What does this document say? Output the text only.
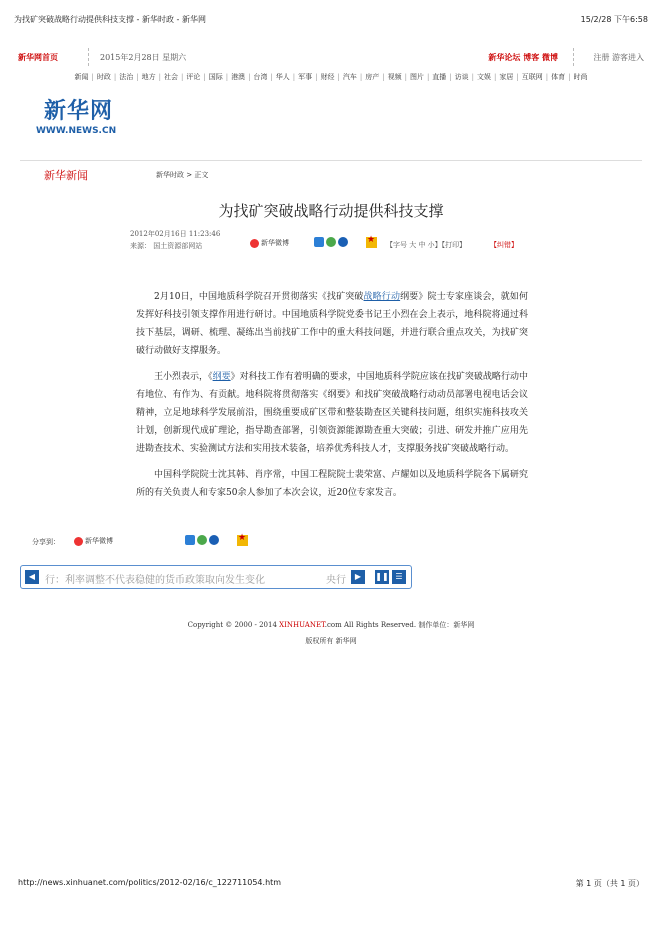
为找矿突破战略行动提供科技支撑 - 新华时政 - 新华网	15/2/28 下午6:58
新华网首页	2015年2月28日 星期六	新华论坛 博客 微博	注册 游客进入
新闻 | 时政 | 法治 | 地方 | 社会 | 评论 | 国际 | 港澳 | 台湾 | 华人 | 军事 | 财经 | 汽车 | 房产 | 视频 | 图片 | 直播 | 访谈 | 文娱 | 家居 | 互联网 | 体育 | 时尚
新华网
WWW.NEWS.CN
新华新闻	新华时政 > 正文
为找矿突破战略行动提供科技支撑
2012年02月16日 11:23:46
来源： 国土资源部网站	新华微博
★	【字号 大 中 小】【打印】	【纠错】

2月10日，中国地质科学院召开贯彻落实《找矿突破战略行动纲要》院士专家座谈会，就如何发挥好科技引领支撑作用进行研讨。中国地质科学院党委书记王小烈在会上表示，地科院将通过科技下基层，调研、梳理、凝练出当前找矿工作中的重大科技问题，并进行联合重点攻关，为找矿突破行动做好支撑服务。

王小烈表示，《纲要》对科技工作有着明确的要求，中国地质科学院应该在找矿突破战略行动中有地位、有作为、有贡献。地科院将贯彻落实《纲要》和找矿突破战略行动动员部署电视电话会议精神，立足地球科学发展前沿，围绕重要成矿区带和整装勘查区关键科技问题，组织实施科技攻关计划，创新现代成矿理论，指导勘查部署，引领资源能源勘查重大突破；引进、研发并推广应用先进勘查技术、实验测试方法和实用技术装备，培养优秀科技人才，支撑服务找矿突破战略行动。

中国科学院院士沈其韩、肖序常，中国工程院院士裴荣富、卢耀如以及地质科学院各下属研究所的有关负责人和专家50余人参加了本次会议，近20位专家发言。

分享到：	新华微博
★
◀ 行：利率调整不代表稳健的货币政策取向发生变化	央行	▶	❚❚ ☰
Copyright © 2000 - 2014 XINHUANET.com All Rights Reserved. 制作单位：新华网
版权所有 新华网
http://news.xinhuanet.com/politics/2012-02/16/c_122711054.htm	第 1 页（共 1 页）
